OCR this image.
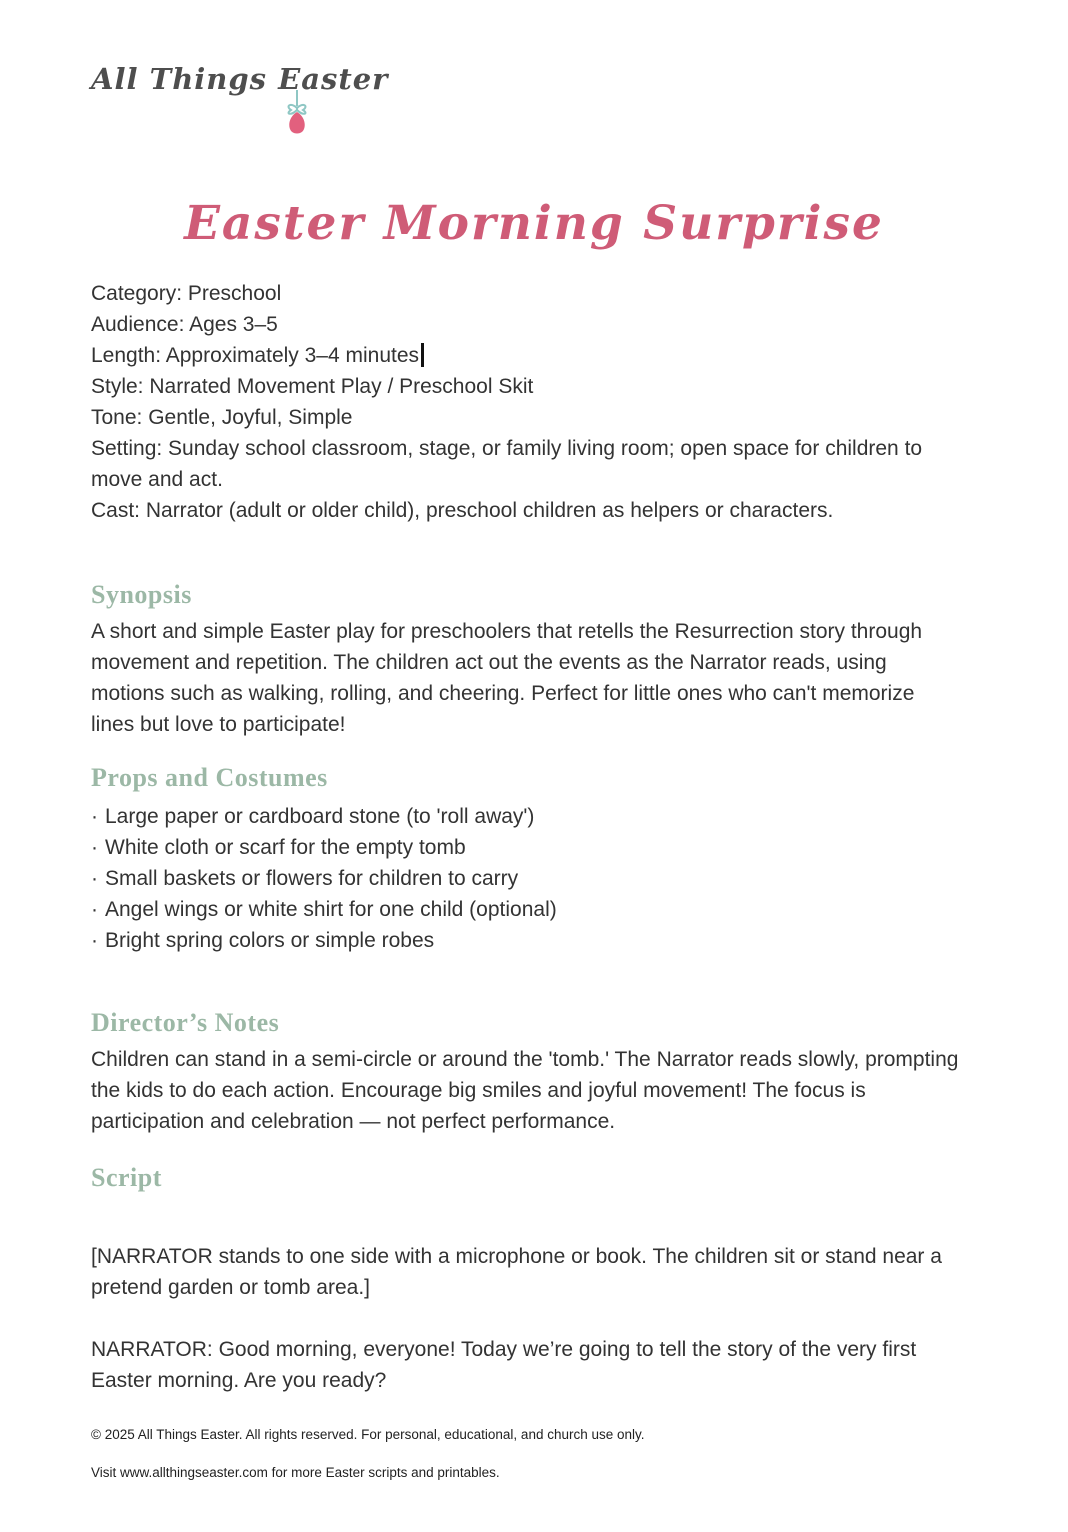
All Things Easter
Easter Morning Surprise
Category: Preschool
Audience: Ages 3–5
Length: Approximately 3–4 minutes
Style: Narrated Movement Play / Preschool Skit
Tone: Gentle, Joyful, Simple
Setting: Sunday school classroom, stage, or family living room; open space for children to move and act.
Cast: Narrator (adult or older child), preschool children as helpers or characters.
Synopsis
A short and simple Easter play for preschoolers that retells the Resurrection story through movement and repetition. The children act out the events as the Narrator reads, using motions such as walking, rolling, and cheering. Perfect for little ones who can't memorize lines but love to participate!
Props and Costumes
· Large paper or cardboard stone (to 'roll away')
· White cloth or scarf for the empty tomb
· Small baskets or flowers for children to carry
· Angel wings or white shirt for one child (optional)
· Bright spring colors or simple robes
Director’s Notes
Children can stand in a semi-circle or around the 'tomb.' The Narrator reads slowly, prompting the kids to do each action. Encourage big smiles and joyful movement! The focus is participation and celebration — not perfect performance.
Script
[NARRATOR stands to one side with a microphone or book. The children sit or stand near a pretend garden or tomb area.]
NARRATOR: Good morning, everyone! Today we’re going to tell the story of the very first Easter morning. Are you ready?
© 2025 All Things Easter. All rights reserved. For personal, educational, and church use only.
Visit www.allthingseaster.com for more Easter scripts and printables.
